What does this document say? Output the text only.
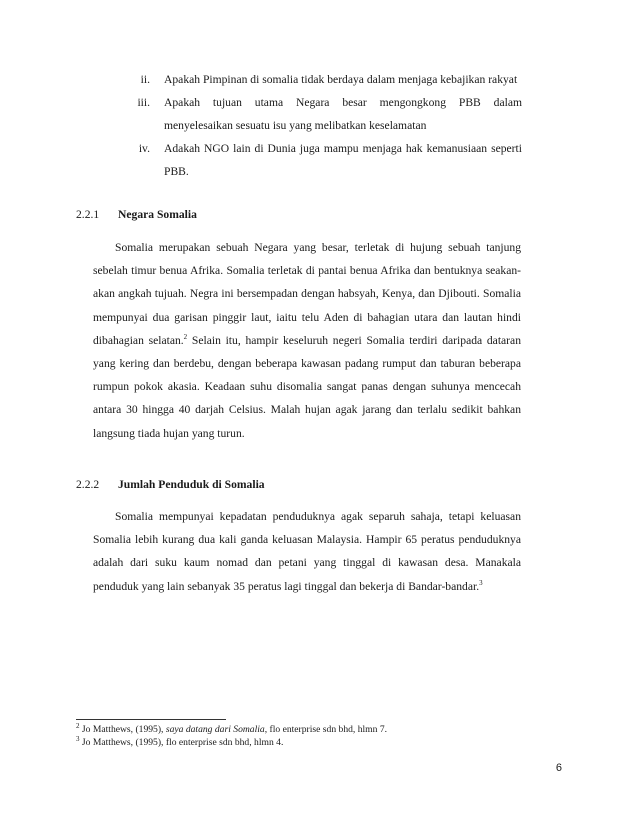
ii.	Apakah Pimpinan di somalia tidak berdaya dalam menjaga kebajikan rakyat
iii.	Apakah tujuan utama Negara besar mengongkong PBB dalam menyelesaikan sesuatu isu yang melibatkan keselamatan
iv.	Adakah NGO lain di Dunia juga mampu menjaga hak kemanusiaan seperti PBB.
2.2.1 Negara Somalia
Somalia merupakan sebuah Negara yang besar, terletak di hujung sebuah tanjung sebelah timur benua Afrika. Somalia terletak di pantai benua Afrika dan bentuknya seakan-akan angkah tujuah. Negra ini bersempadan dengan habsyah, Kenya, dan Djibouti. Somalia mempunyai dua garisan pinggir laut, iaitu telu Aden di bahagian utara dan lautan hindi dibahagian selatan.$^2$ Selain itu, hampir keseluruh negeri Somalia terdiri daripada dataran yang kering dan berdebu, dengan beberapa kawasan padang rumput dan taburan beberapa rumpun pokok akasia. Keadaan suhu disomalia sangat panas dengan suhunya mencecah antara 30 hingga 40 darjah Celsius. Malah hujan agak jarang dan terlalu sedikit bahkan langsung tiada hujan yang turun.
2.2.2 Jumlah Penduduk di Somalia
Somalia mempunyai kepadatan penduduknya agak separuh sahaja, tetapi keluasan Somalia lebih kurang dua kali ganda keluasan Malaysia. Hampir 65 peratus penduduknya adalah dari suku kaum nomad dan petani yang tinggal di kawasan desa. Manakala penduduk yang lain sebanyak 35 peratus lagi tinggal dan bekerja di Bandar-bandar.$^3$
$^2$ Jo Matthews, (1995), saya datang dari Somalia, flo enterprise sdn bhd, hlmn 7.
$^3$ Jo Matthews, (1995), flo enterprise sdn bhd, hlmn 4.
6
